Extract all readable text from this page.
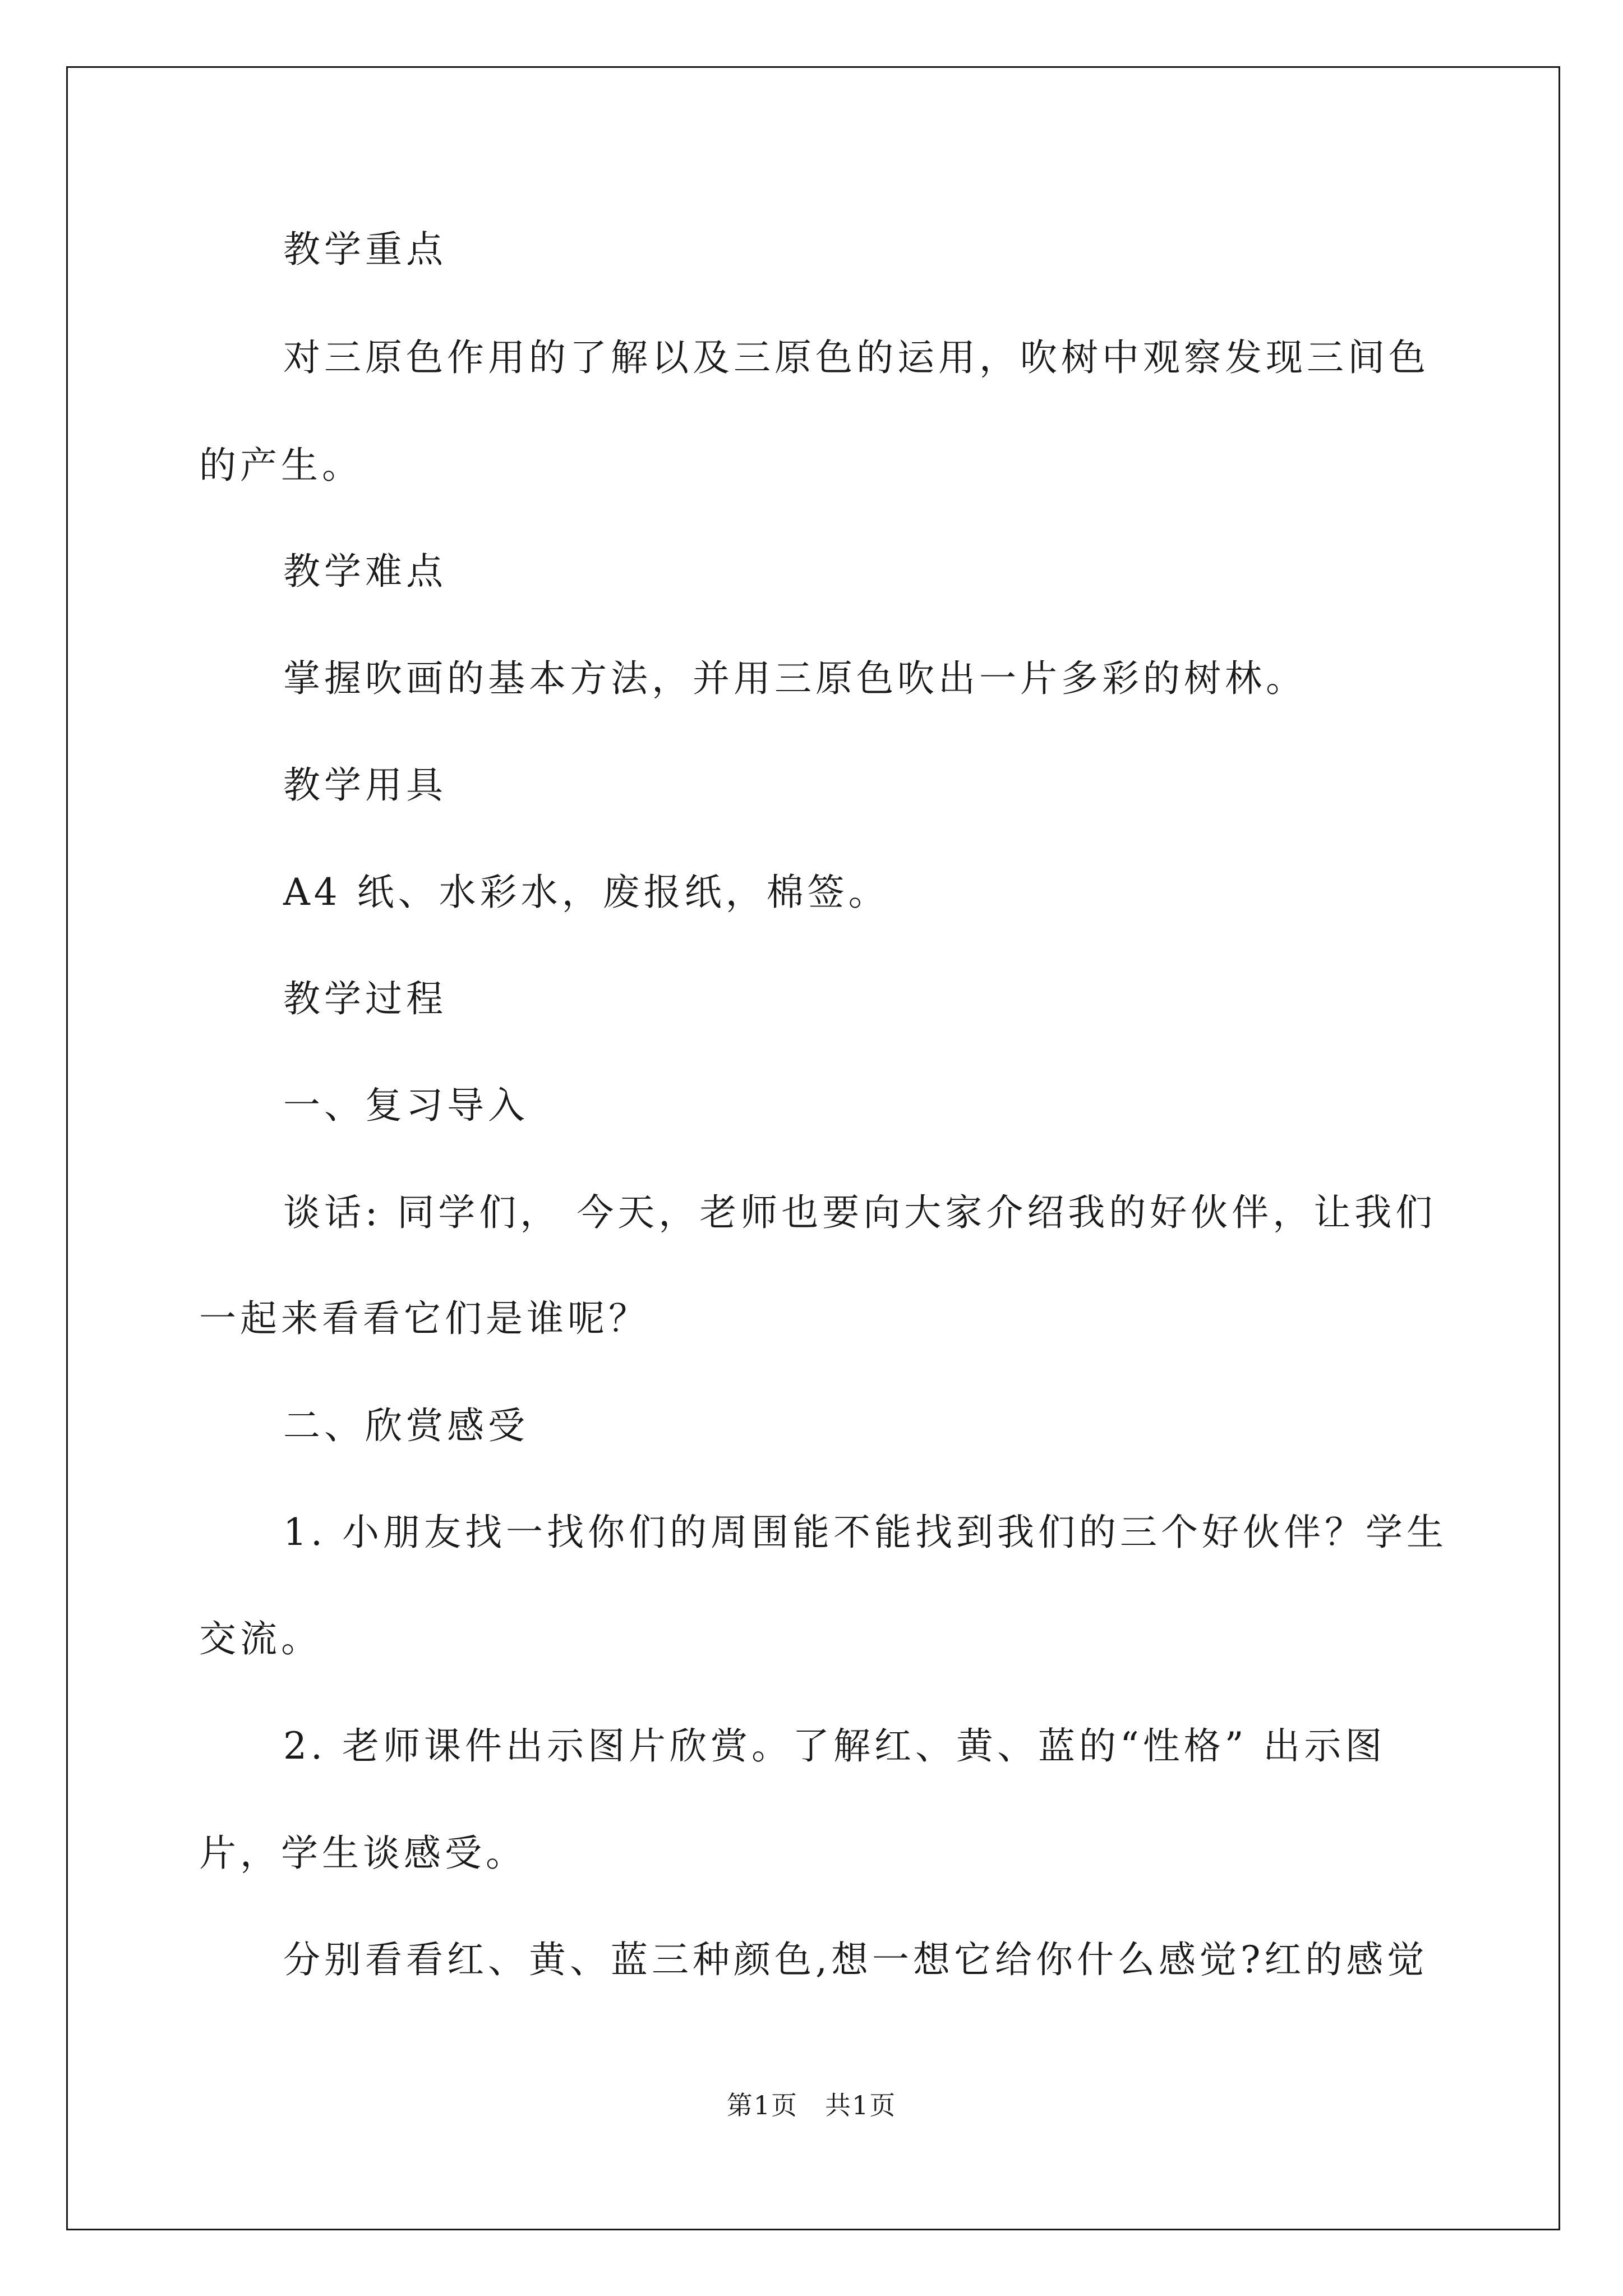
教学重点

对三原色作用的了解以及三原色的运用，吹树中观察发现三间色

的产生。

教学难点

掌握吹画的基本方法，并用三原色吹出一片多彩的树林。

教学用具

A4 纸、水彩水，废报纸，棉签。

教学过程

一、复习导入

谈话: 同学们， 今天，老师也要向大家介绍我的好伙伴，让我们

一起来看看它们是谁呢？

二、欣赏感受

1. 小朋友找一找你们的周围能不能找到我们的三个好伙伴？学生

交流。

2. 老师课件出示图片欣赏。了解红、黄、蓝的“性格” 出示图

片，学生谈感受。

分别看看红、黄、蓝三种颜色,想一想它给你什么感觉?红的感觉

第1页 共1页
